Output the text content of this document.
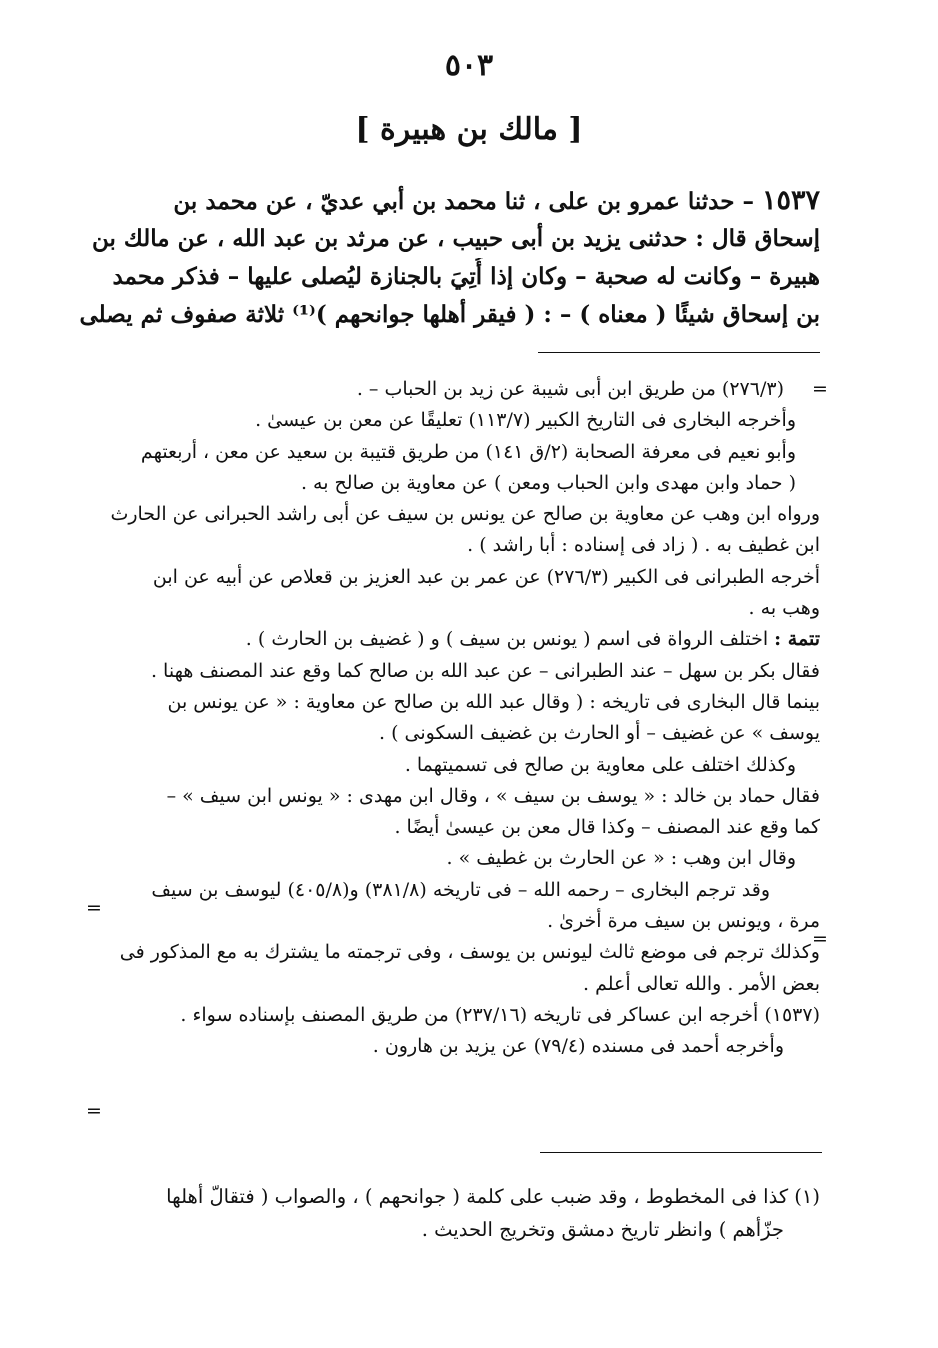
٥٠٣
[ مالك بن هبيرة ]
١٥٣٧ – حدثنا عمرو بن على ، ثنا محمد بن أبي عديّ ، عن محمد بن
إسحاق قال : حدثنى يزيد بن أبى حبيب ، عن مرثد بن عبد الله ، عن مالك بن
هبيرة – وكانت له صحبة – وكان إذا أُتِيَ بالجنازة ليُصلى عليها – فذكر محمد
بن إسحاق شيئًا ( معناه ) – : ( فيقر أهلها جوانحهم )⁽¹⁾ ثلاثة صفوف ثم يصلى
=
=
=
=
(٢٧٦/٣) من طريق ابن أبى شيبة عن زيد بن الحباب – .
وأخرجه البخارى فى التاريخ الكبير (١١٣/٧) تعليقًا عن معن بن عيسىٰ .
وأبو نعيم فى معرفة الصحابة (٢/ق ١٤١) من طريق قتيبة بن سعيد عن معن ، أربعتهم
( حماد وابن مهدى وابن الحباب ومعن ) عن معاوية بن صالح به .
ورواه ابن وهب عن معاوية بن صالح عن يونس بن سيف عن أبى راشد الحبرانى عن الحارث
ابن غطيف به . ( زاد فى إسناده : أبا راشد ) .
أخرجه الطبرانى فى الكبير (٢٧٦/٣) عن عمر بن عبد العزيز بن قعلاص عن أبيه عن ابن
وهب به .
تتمة : اختلف الرواة فى اسم ( يونس بن سيف ) و ( غضيف بن الحارث ) .
فقال بكر بن سهل – عند الطبرانى – عن عبد الله بن صالح كما وقع عند المصنف ههنا .
بينما قال البخارى فى تاريخه : ( وقال عبد الله بن صالح عن معاوية : « عن يونس بن
يوسف » عن غضيف – أو الحارث بن غضيف السكونى ) .
وكذلك اختلف على معاوية بن صالح فى تسميتهما .
فقال حماد بن خالد : « يوسف بن سيف » ، وقال ابن مهدى : « يونس ابن سيف » –
كما وقع عند المصنف – وكذا قال معن بن عيسىٰ أيضًا .
وقال ابن وهب : « عن الحارث بن غطيف » .
وقد ترجم البخارى – رحمه الله – فى تاريخه (٣٨١/٨) و(٤٠٥/٨) ليوسف بن سيف
مرة ، ويونس بن سيف مرة أخرىٰ .
وكذلك ترجم فى موضع ثالث ليونس بن يوسف ، وفى ترجمته ما يشترك به مع المذكور فى
بعض الأمر . والله تعالى أعلم .
(١٥٣٧) أخرجه ابن عساكر فى تاريخه (٢٣٧/١٦) من طريق المصنف بإسناده سواء .
وأخرجه أحمد فى مسنده (٧٩/٤) عن يزيد بن هارون .
(١) كذا فى المخطوط ، وقد ضبب على كلمة ( جوانحهم ) ، والصواب ( فتقالّ أهلها
جزّأهم ) وانظر تاريخ دمشق وتخريج الحديث .
